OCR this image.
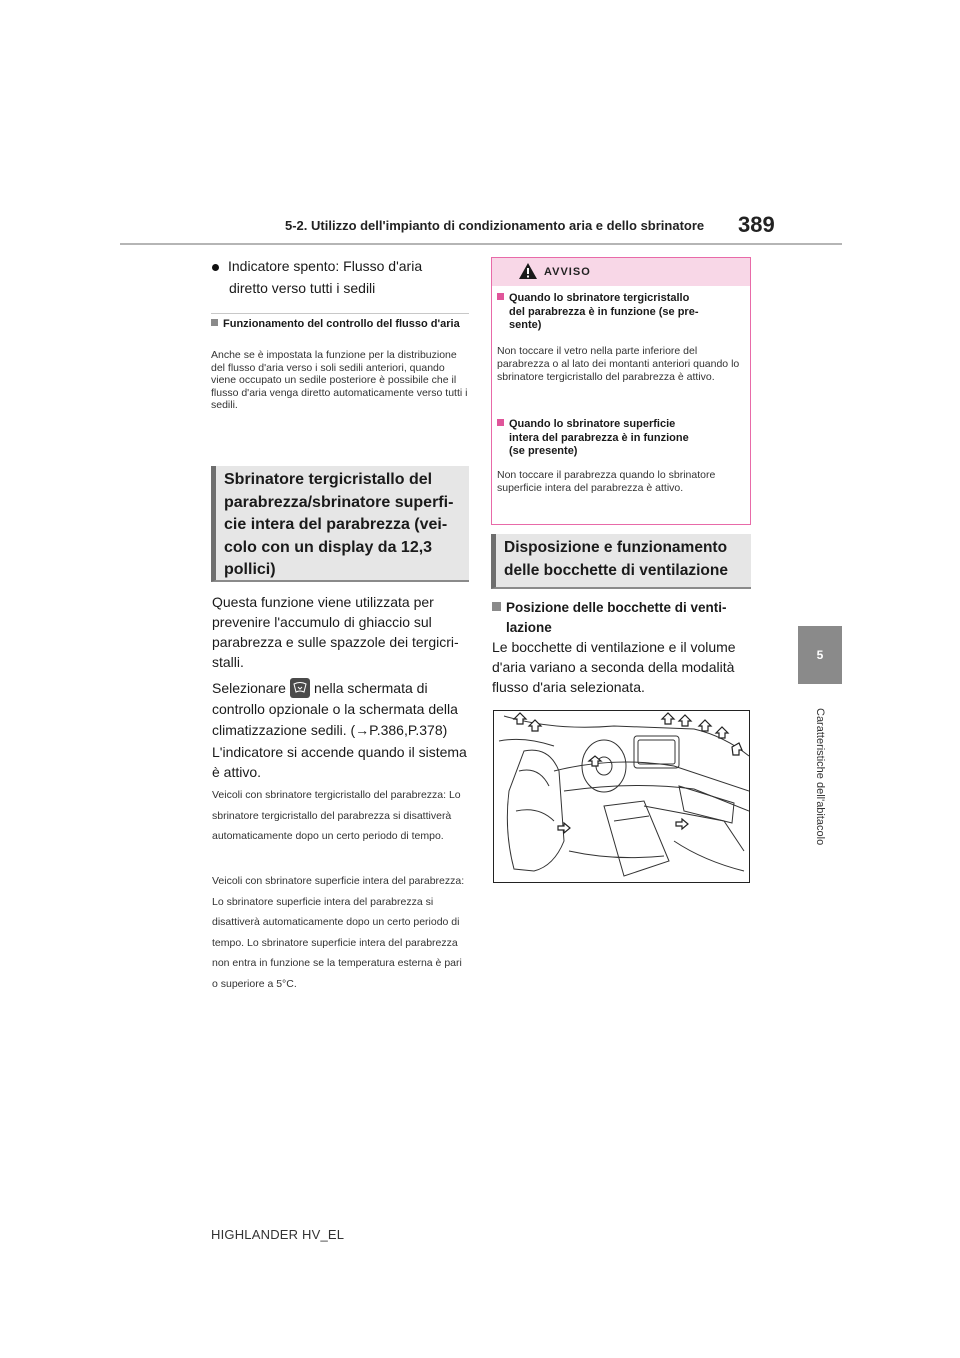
5-2. Utilizzo dell'impianto di condizionamento aria e dello sbrinatore 389
5
Caratteristiche dell'abitacolo
Indicatore spento: Flusso d'aria
diretto verso tutti i sedili
Funzionamento del controllo del flusso d'aria
Anche se è impostata la funzione per la distribuzione del flusso d'aria verso i soli sedili anteriori, quando viene occupato un sedile posteriore è possibile che il flusso d'aria venga diretto automaticamente verso tutti i sedili.
Sbrinatore tergicristallo del
parabrezza/sbrinatore superfi-
cie intera del parabrezza (vei-
colo con un display da 12,3
pollici)
Questa funzione viene utilizzata per prevenire l'accumulo di ghiaccio sul parabrezza e sulle spazzole dei tergicri-stalli.
Selezionare nella schermata di controllo opzionale o la schermata della climatizzazione sedili. (→P.386,P.378)
L'indicatore si accende quando il sistema è attivo.
Veicoli con sbrinatore tergicristallo del parabrezza: Lo sbrinatore tergicristallo del parabrezza si disattiverà automaticamente dopo un certo periodo di tempo.
Veicoli con sbrinatore superficie intera del parabrezza: Lo sbrinatore superficie intera del parabrezza si disattiverà automaticamente dopo un certo periodo di tempo. Lo sbrinatore superficie intera del parabrezza non entra in funzione se la temperatura esterna è pari o superiore a 5°C.
AVVISO
Quando lo sbrinatore tergicristallo
del parabrezza è in funzione (se pre-
sente)
Non toccare il vetro nella parte inferiore del parabrezza o al lato dei montanti anteriori quando lo sbrinatore tergicristallo del parabrezza è attivo.
Quando lo sbrinatore superficie
intera del parabrezza è in funzione
(se presente)
Non toccare il parabrezza quando lo sbrinatore superficie intera del parabrezza è attivo.
Disposizione e funzionamento
delle bocchette di ventilazione
Posizione delle bocchette di venti-
lazione
Le bocchette di ventilazione e il volume d'aria variano a seconda della modalità flusso d'aria selezionata.
HIGHLANDER HV_EL
